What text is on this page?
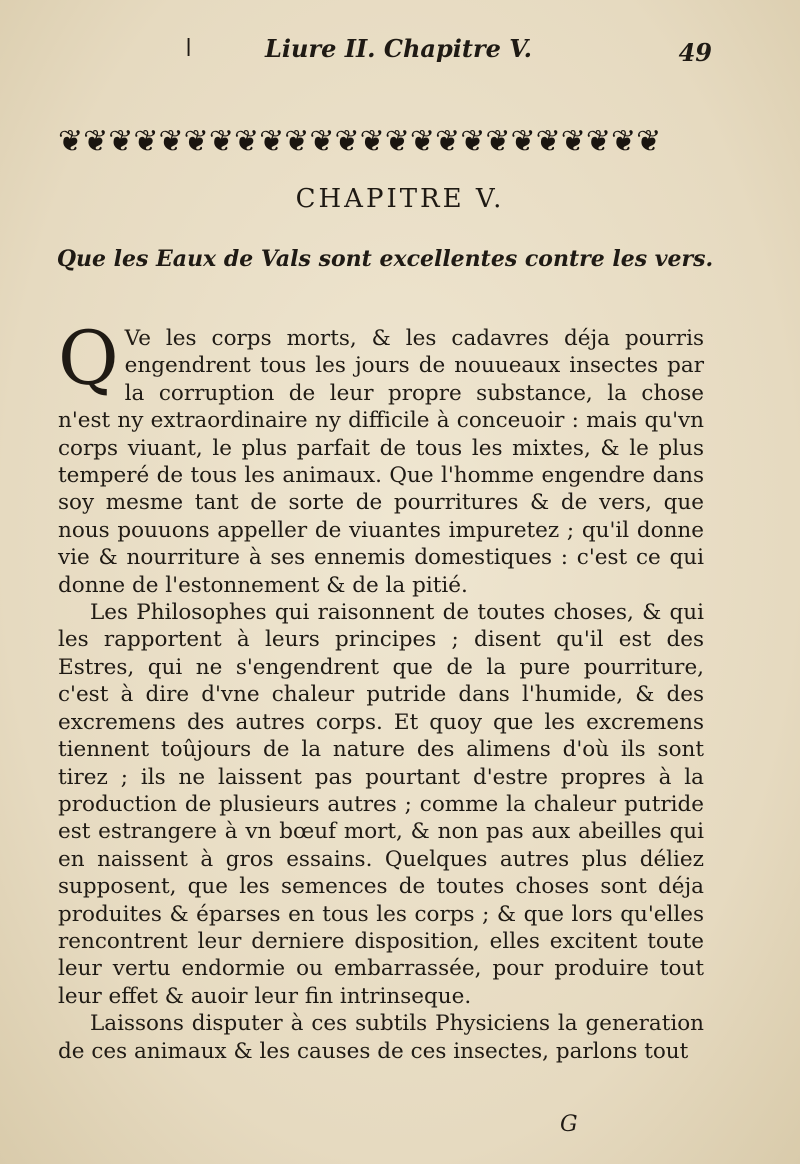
ǀ	Liure II. Chapitre V.	49
❦❦❦❦❦❦❦❦❦❦❦❦❦❦❦❦❦❦❦❦❦❦❦❦
CHAPITRE V.
Que les Eaux de Vals sont excellentes contre les vers.

Q Ve les corps morts, & les cadavres déja pourris engendrent tous les jours de nouueaux insectes par la corruption de leur propre substance, la chose n'est ny extraordinaire ny difficile à conceuoir : mais qu'vn corps viuant, le plus parfait de tous les mixtes, & le plus temperé de tous les animaux. Que l'homme engendre dans soy mesme tant de sorte de pourritures & de vers, que nous pouuons appeller de viuantes impuretez ; qu'il donne vie & nourriture à ses ennemis domestiques : c'est ce qui donne de l'estonnement & de la pitié.

Les Philosophes qui raisonnent de toutes choses, & qui les rapportent à leurs principes ; disent qu'il est des Estres, qui ne s'engendrent que de la pure pourriture, c'est à dire d'vne chaleur putride dans l'humide, & des excremens des autres corps. Et quoy que les excremens tiennent toûjours de la nature des alimens d'où ils sont tirez ; ils ne laissent pas pourtant d'estre propres à la production de plusieurs autres ; comme la chaleur putride est estrangere à vn bœuf mort, & non pas aux abeilles qui en naissent à gros essains. Quelques autres plus déliez supposent, que les semences de toutes choses sont déja produites & éparses en tous les corps ; & que lors qu'elles rencontrent leur derniere disposition, elles excitent toute leur vertu endormie ou embarrassée, pour produire tout leur effet & auoir leur fin intrinseque.

Laissons disputer à ces subtils Physiciens la generation de ces animaux & les causes de ces insectes, parlons tout

G
